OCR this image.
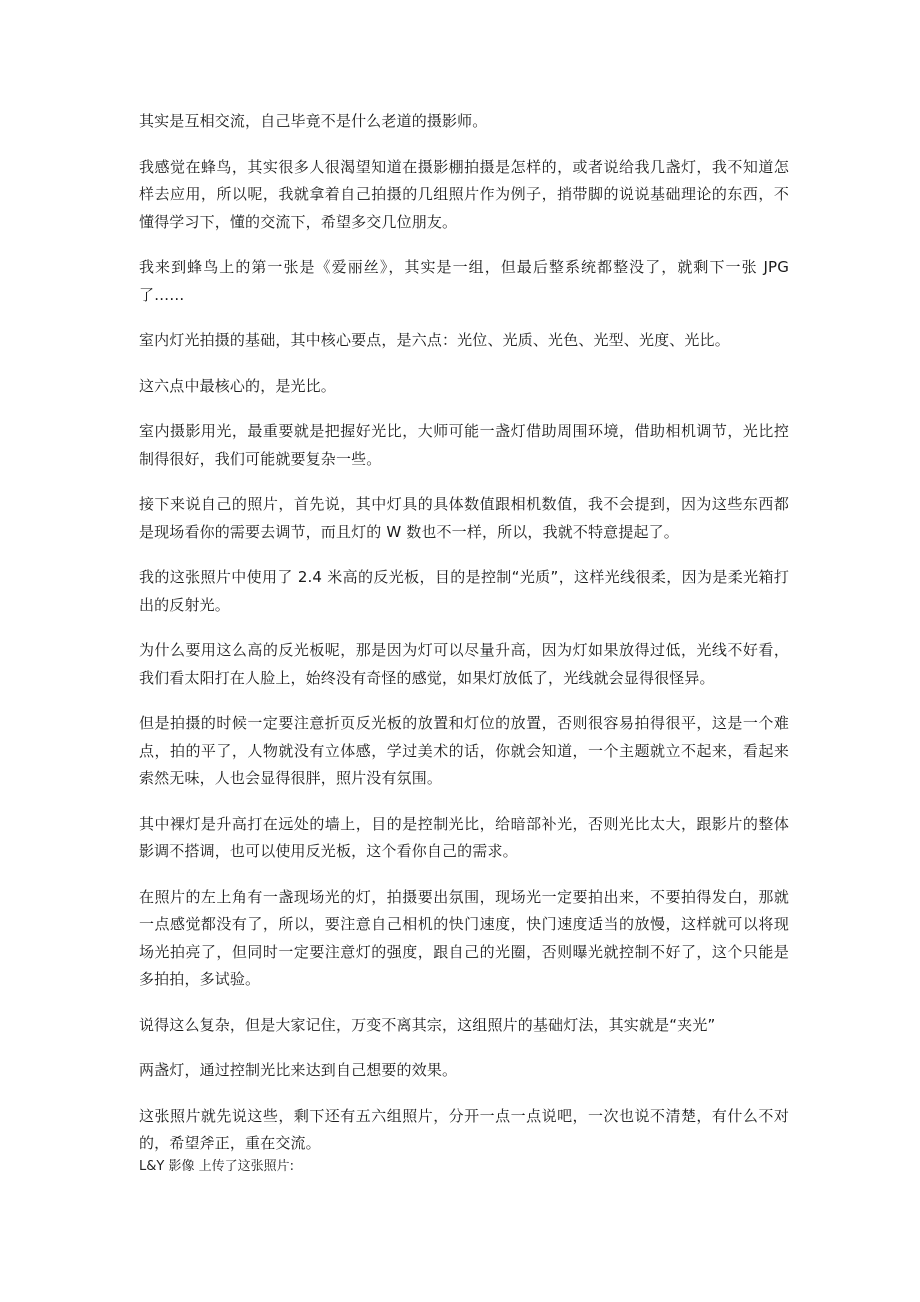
其实是互相交流，自己毕竟不是什么老道的摄影师。

我感觉在蜂鸟，其实很多人很渴望知道在摄影棚拍摄是怎样的，或者说给我几盏灯，我不知道怎样去应用，所以呢，我就拿着自己拍摄的几组照片作为例子，捎带脚的说说基础理论的东西，不懂得学习下，懂的交流下，希望多交几位朋友。

我来到蜂鸟上的第一张是《爱丽丝》，其实是一组，但最后整系统都整没了，就剩下一张 JPG 了……

室内灯光拍摄的基础，其中核心要点，是六点：光位、光质、光色、光型、光度、光比。

这六点中最核心的，是光比。

室内摄影用光，最重要就是把握好光比，大师可能一盏灯借助周围环境，借助相机调节，光比控制得很好，我们可能就要复杂一些。

接下来说自己的照片，首先说，其中灯具的具体数值跟相机数值，我不会提到，因为这些东西都是现场看你的需要去调节，而且灯的 W 数也不一样，所以，我就不特意提起了。

我的这张照片中使用了 2.4 米高的反光板，目的是控制“光质”，这样光线很柔，因为是柔光箱打出的反射光。

为什么要用这么高的反光板呢，那是因为灯可以尽量升高，因为灯如果放得过低，光线不好看，我们看太阳打在人脸上，始终没有奇怪的感觉，如果灯放低了，光线就会显得很怪异。

但是拍摄的时候一定要注意折页反光板的放置和灯位的放置，否则很容易拍得很平，这是一个难点，拍的平了，人物就没有立体感，学过美术的话，你就会知道，一个主题就立不起来，看起来索然无味，人也会显得很胖，照片没有氛围。

其中裸灯是升高打在远处的墙上，目的是控制光比，给暗部补光，否则光比太大，跟影片的整体影调不搭调，也可以使用反光板，这个看你自己的需求。

在照片的左上角有一盏现场光的灯，拍摄要出氛围，现场光一定要拍出来，不要拍得发白，那就一点感觉都没有了，所以，要注意自己相机的快门速度，快门速度适当的放慢，这样就可以将现场光拍亮了，但同时一定要注意灯的强度，跟自己的光圈，否则曝光就控制不好了，这个只能是多拍拍，多试验。

说得这么复杂，但是大家记住，万变不离其宗，这组照片的基础灯法，其实就是“夹光”

两盏灯，通过控制光比来达到自己想要的效果。

这张照片就先说这些，剩下还有五六组照片，分开一点一点说吧，一次也说不清楚，有什么不对的，希望斧正，重在交流。

L&Y 影像 上传了这张照片:
